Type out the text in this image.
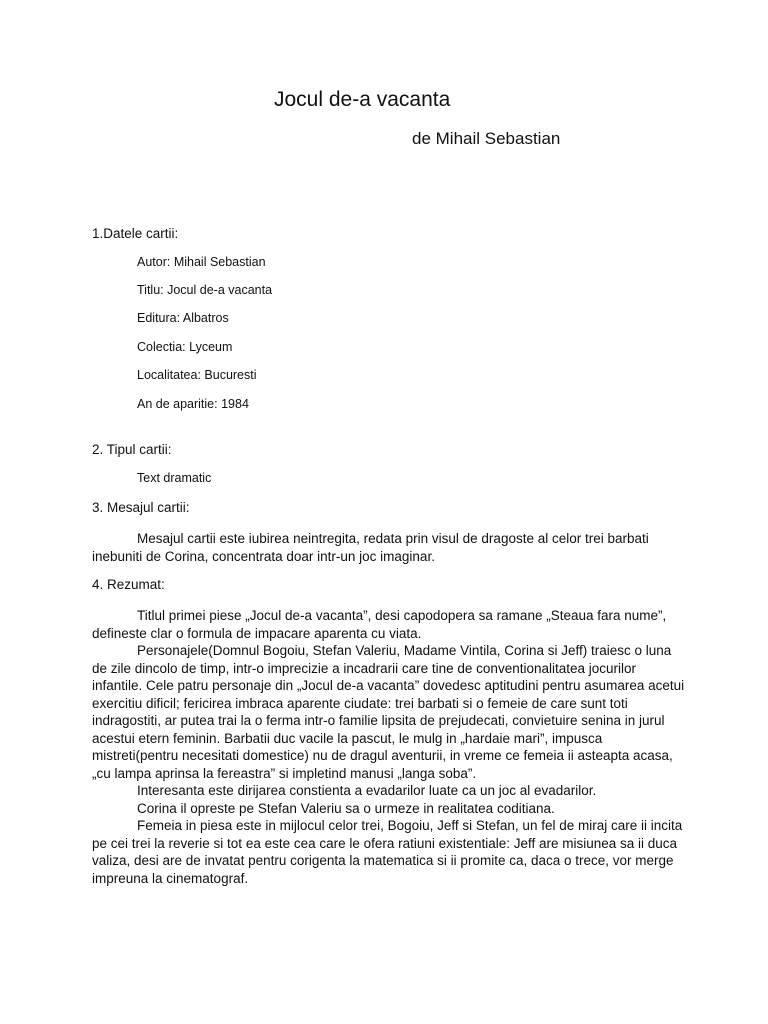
Jocul de-a vacanta
de Mihail Sebastian
1.Datele cartii:
Autor: Mihail Sebastian
Titlu: Jocul de-a vacanta
Editura: Albatros
Colectia: Lyceum
Localitatea: Bucuresti
An de aparitie: 1984
2. Tipul cartii:
Text dramatic
3. Mesajul cartii:

Mesajul cartii este iubirea neintregita, redata prin visul de dragoste al celor trei barbati inebuniti de Corina, concentrata doar intr-un joc imaginar.

4. Rezumat:

Titlul primei piese „Jocul de-a vacanta”, desi capodopera sa ramane „Steaua fara nume”, defineste clar o formula de impacare aparenta cu viata.

Personajele(Domnul Bogoiu, Stefan Valeriu, Madame Vintila, Corina si Jeff) traiesc o luna de zile dincolo de timp, intr-o imprecizie a incadrarii care tine de conventionalitatea jocurilor infantile. Cele patru personaje din „Jocul de-a vacanta” dovedesc aptitudini pentru asumarea acetui exercitiu dificil; fericirea imbraca aparente ciudate: trei barbati si o femeie de care sunt toti indragostiti, ar putea trai la o ferma intr-o familie lipsita de prejudecati, convietuire senina in jurul acestui etern feminin. Barbatii duc vacile la pascut, le mulg in „hardaie mari”, impusca mistreti(pentru necesitati domestice) nu de dragul aventurii, in vreme ce femeia ii asteapta acasa, „cu lampa aprinsa la fereastra” si impletind manusi „langa soba”.

Interesanta este dirijarea constienta a evadarilor luate ca un joc al evadarilor.

Corina il opreste pe Stefan Valeriu sa o urmeze in realitatea coditiana.

Femeia in piesa este in mijlocul celor trei, Bogoiu, Jeff si Stefan, un fel de miraj care ii incita pe cei trei la reverie si tot ea este cea care le ofera ratiuni existentiale: Jeff are misiunea sa ii duca valiza, desi are de invatat pentru corigenta la matematica si ii promite ca, daca o trece, vor merge impreuna la cinematograf.
